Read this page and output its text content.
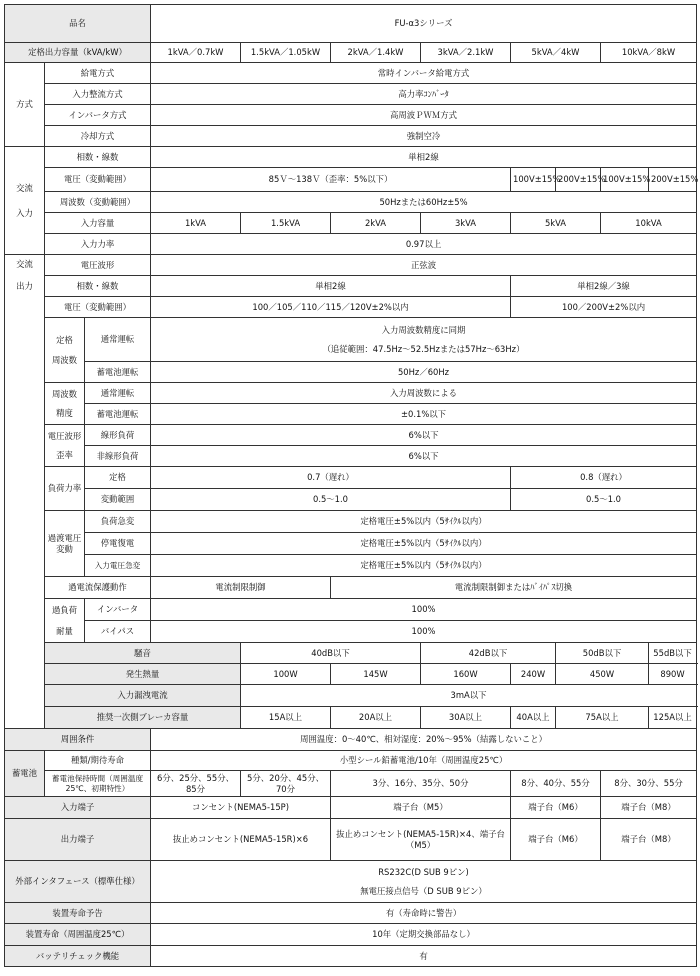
品名			FU-α3シリーズ							
定格出力容量（kVA/kW）			1kVA／0.7kW	1.5kVA／1.05kW	2kVA／1.4kW	3kVA／2.1kW	5kVA／4kW		10kVA／8kW	
方式	給電方式		常時インバータ給電方式							
	入力整流方式		高力率ｺﾝﾊﾞｰﾀ							
	インバータ方式		高周波ＰＷＭ方式							
	冷却方式		強制空冷							

交流
入力	相数・線数		単相2線							
	電圧（変動範囲）		85Ｖ～138Ｖ（歪率：5%以下）				100V±15%	200V±15%	100V±15%	200V±15%
	周波数（変動範囲）		50Hzまたは60Hz±5%							
	入力容量		1kVA	1.5kVA	2kVA	3kVA	5kVA		10kVA	
	入力力率		0.97以上							

交流
出力	電圧波形		正弦波							
	相数・線数		単相2線				単相2線／3線			
	電圧（変動範囲）		100／105／110／115／120V±2%以内				100／200V±2%以内			

	定格
周波数	通常運転	入力周波数精度に同期
（追従範囲：47.5Hz～52.5Hzまたは57Hz～63Hz）							

		蓄電池運転	50Hz／60Hz							

	周波数
精度	通常運転	入力周波数による							
		蓄電池運転	±0.1%以下							

	電圧波形
歪率	線形負荷	6%以下							
		非線形負荷	6%以下							
	負荷力率	定格	0.7（遅れ）				0.8（遅れ）			
		変動範囲	0.5～1.0				0.5～1.0			
	過渡電圧変動	負荷急変	定格電圧±5%以内（5ｻｲｸﾙ以内）							
		停電復電	定格電圧±5%以内（5ｻｲｸﾙ以内）							
		入力電圧急変	定格電圧±5%以内（5ｻｲｸﾙ以内）							
	過電流保護動作		電流制限制御		電流制限制御またはﾊﾞｲﾊﾟｽ切換					

	過負荷
耐量	インバータ	100%							
		バイパス	100%							
	騒音			40dB以下		42dB以下		50dB以下		55dB以下
	発生熱量			100W	145W	160W	240W	450W		890W
	入力漏洩電流			3mA以下						
	推奨一次側ブレーカ容量			15A以上	20A以上	30A以上	40A以上	75A以上		125A以上
周囲条件			周囲温度：0～40℃、相対湿度：20%～95%（結露しないこと）							
蓄電池	種類/期待寿命		小型シール鉛蓄電池/10年（周囲温度25℃）							
	蓄電池保持時間（周囲温度25℃、初期特性）		6分、25分、55分、85分	5分、20分、45分、70分	3分、16分、35分、50分		8分、40分、55分		8分、30分、55分	
入力端子			コンセント(NEMA5-15P)		端子台（M5）		端子台（M6）		端子台（M8）	
出力端子			抜止めコンセント(NEMA5-15R)×6		抜止めコンセント(NEMA5-15R)×4、端子台（M5）		端子台（M6）		端子台（M8）	
外部インタフェース（標準仕様）			RS232C(D SUB 9ピン)
無電圧接点信号（D SUB 9ピン）							

装置寿命予告			有（寿命時に警告）							
装置寿命（周囲温度25℃）			10年（定期交換部品なし）							
バッテリチェック機能			有							
